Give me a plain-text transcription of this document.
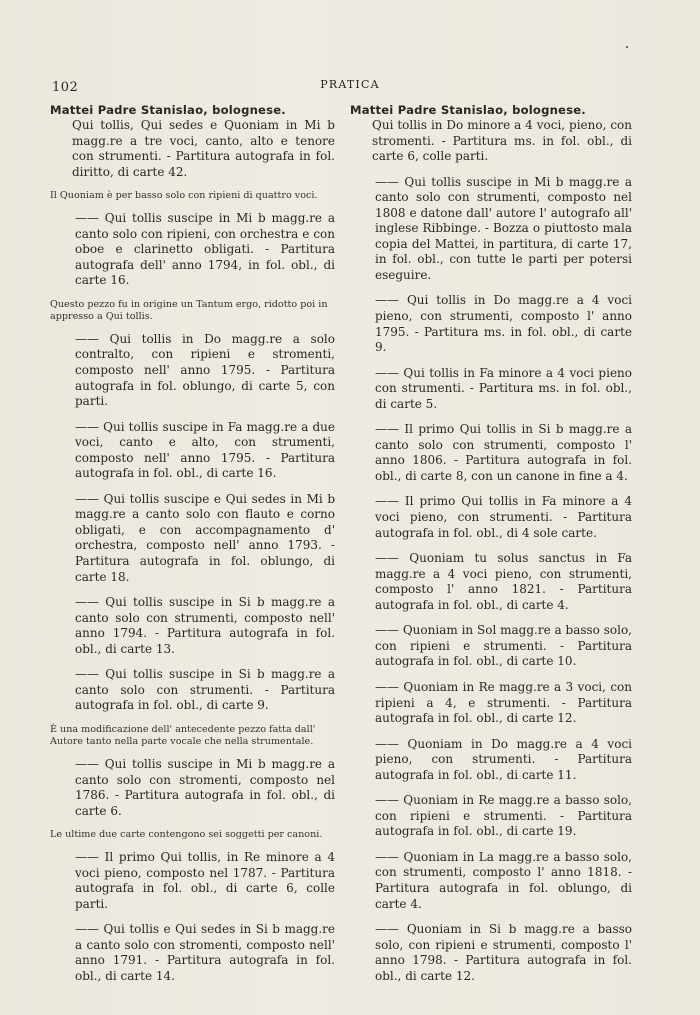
102	PRATICA

Mattei Padre Stanislao, bolognese.

Qui tollis, Qui sedes e Quoniam in Mi b magg.re a tre voci, canto, alto e tenore con strumenti. - Partitura autografa in fol. diritto, di carte 42.
Il Quoniam è per basso solo con ripieni di quattro voci.
—— Qui tollis suscipe in Mi b magg.re a canto solo con ripieni, con orchestra e con oboe e clarinetto obligati. - Partitura autografa dell' anno 1794, in fol. obl., di carte 16.
Questo pezzo fu in origine un Tantum ergo, ridotto poi in appresso a Qui tollis.
—— Qui tollis in Do magg.re a solo contralto, con ripieni e stromenti, composto nell' anno 1795. - Partitura autografa in fol. oblungo, di carte 5, con parti.
—— Qui tollis suscipe in Fa magg.re a due voci, canto e alto, con strumenti, composto nell' anno 1795. - Partitura autografa in fol. obl., di carte 16.
—— Qui tollis suscipe e Qui sedes in Mi b magg.re a canto solo con flauto e corno obligati, e con accompagnamento d' orchestra, composto nell' anno 1793. - Partitura autografa in fol. oblungo, di carte 18.
—— Qui tollis suscipe in Si b magg.re a canto solo con strumenti, composto nell' anno 1794. - Partitura autografa in fol. obl., di carte 13.
—— Qui tollis suscipe in Si b magg.re a canto solo con strumenti. - Partitura autografa in fol. obl., di carte 9.
È una modificazione dell' antecedente pezzo fatta dall' Autore tanto nella parte vocale che nella strumentale.
—— Qui tollis suscipe in Mi b magg.re a canto solo con stromenti, composto nel 1786. - Partitura autografa in fol. obl., di carte 6.
Le ultime due carte contengono sei soggetti per canoni.
—— Il primo Qui tollis, in Re minore a 4 voci pieno, composto nel 1787. - Partitura autografa in fol. obl., di carte 6, colle parti.
—— Qui tollis e Qui sedes in Si b magg.re a canto solo con stromenti, composto nell' anno 1791. - Partitura autografa in fol. obl., di carte 14.

Mattei Padre Stanislao, bolognese.

Qui tollis in Do minore a 4 voci, pieno, con stromenti. - Partitura ms. in fol. obl., di carte 6, colle parti.
—— Qui tollis suscipe in Mi b magg.re a canto solo con strumenti, composto nel 1808 e datone dall' autore l' autografo all' inglese Ribbinge. - Bozza o piuttosto mala copia del Mattei, in partitura, di carte 17, in fol. obl., con tutte le parti per potersi eseguire.
—— Qui tollis in Do magg.re a 4 voci pieno, con strumenti, composto l' anno 1795. - Partitura ms. in fol. obl., di carte 9.
—— Qui tollis in Fa minore a 4 voci pieno con strumenti. - Partitura ms. in fol. obl., di carte 5.
—— Il primo Qui tollis in Si b magg.re a canto solo con strumenti, composto l' anno 1806. - Partitura autografa in fol. obl., di carte 8, con un canone in fine a 4.
—— Il primo Qui tollis in Fa minore a 4 voci pieno, con strumenti. - Partitura autografa in fol. obl., di 4 sole carte.
—— Quoniam tu solus sanctus in Fa magg.re a 4 voci pieno, con strumenti, composto l' anno 1821. - Partitura autografa in fol. obl., di carte 4.
—— Quoniam in Sol magg.re a basso solo, con ripieni e strumenti. - Partitura autografa in fol. obl., di carte 10.
—— Quoniam in Re magg.re a 3 voci, con ripieni a 4, e strumenti. - Partitura autografa in fol. obl., di carte 12.
—— Quoniam in Do magg.re a 4 voci pieno, con strumenti. - Partitura autografa in fol. obl., di carte 11.
—— Quoniam in Re magg.re a basso solo, con ripieni e strumenti. - Partitura autografa in fol. obl., di carte 19.
—— Quoniam in La magg.re a basso solo, con strumenti, composto l' anno 1818. - Partitura autografa in fol. oblungo, di carte 4.
—— Quoniam in Si b magg.re a basso solo, con ripieni e strumenti, composto l' anno 1798. - Partitura autografa in fol. obl., di carte 12.
